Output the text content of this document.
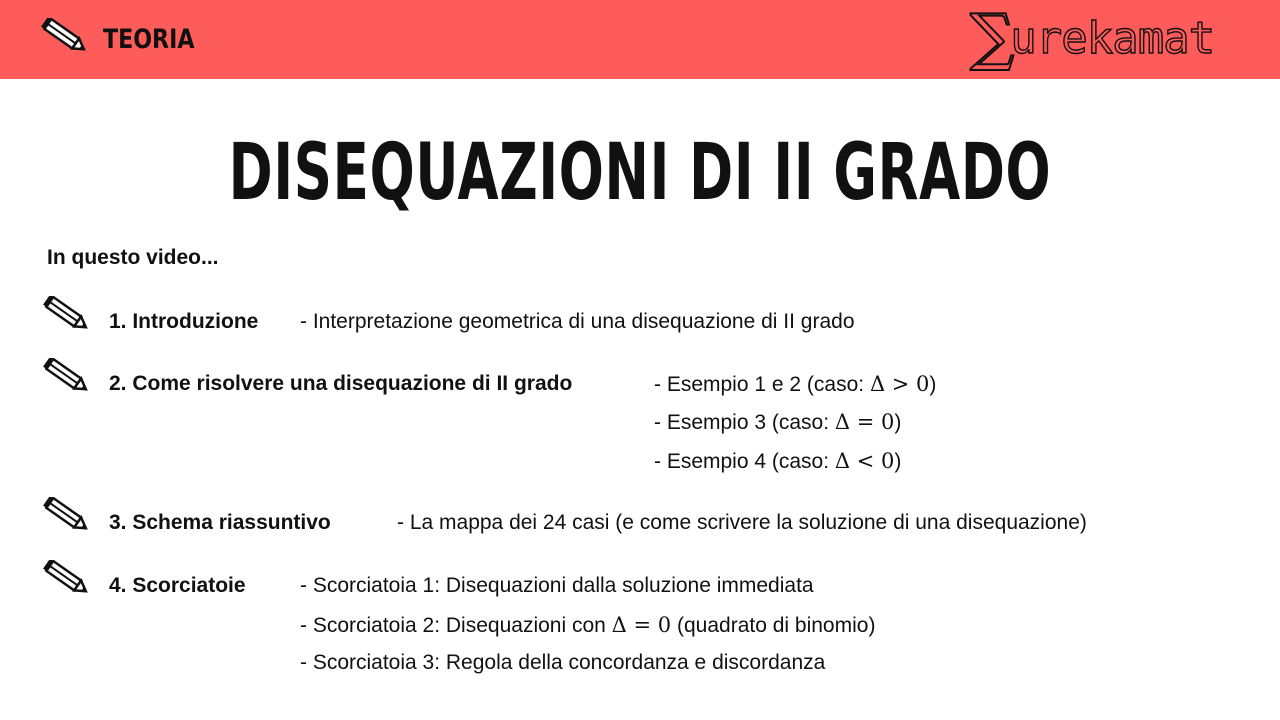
TEORIA	∑
urekamat
DISEQUAZIONI DI II GRADO
In questo video...
1. Introduzione - Interpretazione geometrica di una disequazione di II grado
2. Come risolvere una disequazione di II grado	- Esempio 1 e 2 (caso: Δ > 0)
- Esempio 3 (caso: Δ = 0)
- Esempio 4 (caso: Δ < 0)
3. Schema riassuntivo	- La mappa dei 24 casi (e come scrivere la soluzione di una disequazione)
4. Scorciatoie	- Scorciatoia 1: Disequazioni dalla soluzione immediata
- Scorciatoia 2: Disequazioni con Δ = 0 (quadrato di binomio)
- Scorciatoia 3: Regola della concordanza e discordanza
